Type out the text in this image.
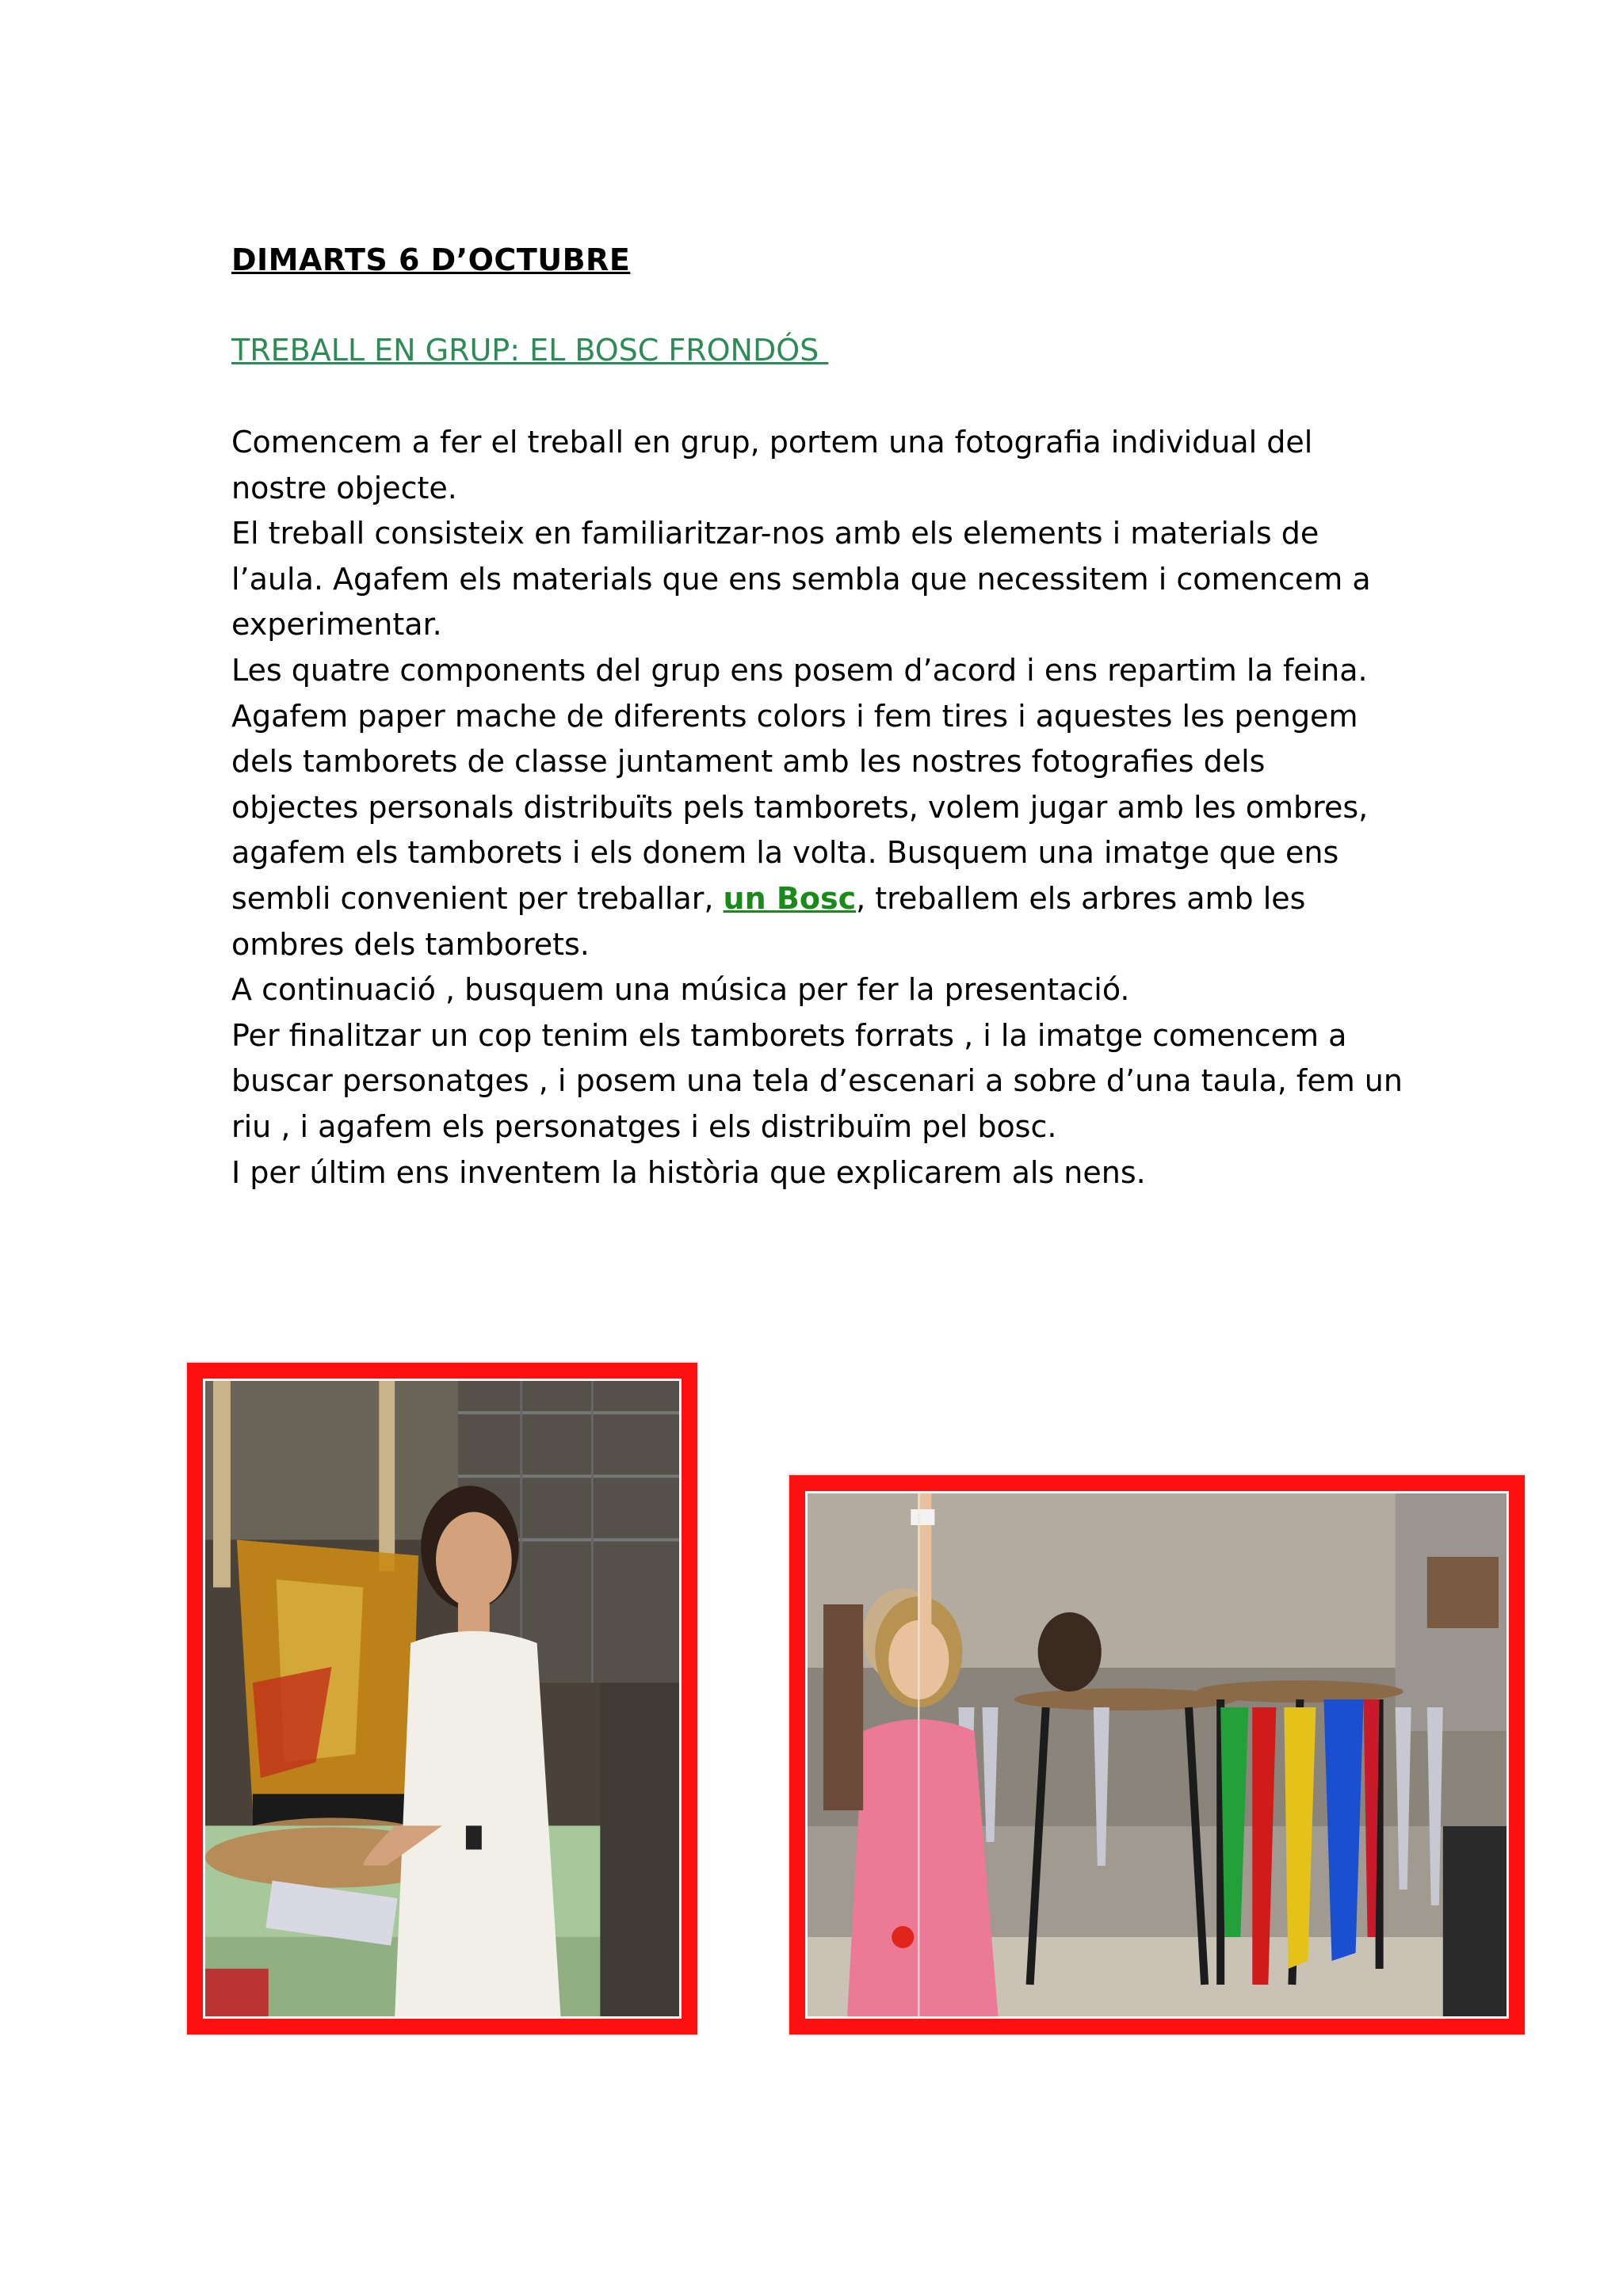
DIMARTS 6 D’OCTUBRE
TREBALL EN GRUP: EL BOSC FRONDÓS

Comencem a fer el treball en grup, portem una fotografia individual del

nostre objecte.

El treball consisteix en familiaritzar-nos amb els elements i materials de

l’aula. Agafem els materials que ens sembla que necessitem i comencem a

experimentar.

Les quatre components del grup ens posem d’acord i ens repartim la feina.

Agafem paper mache de diferents colors i fem tires i aquestes les pengem

dels tamborets de classe juntament amb les nostres fotografies dels

objectes personals distribuïts pels tamborets, volem jugar amb les ombres,

agafem els tamborets i els donem la volta. Busquem una imatge que ens

sembli convenient per treballar, un Bosc, treballem els arbres amb les

ombres dels tamborets.

A continuació , busquem una música per fer la presentació.

Per finalitzar un cop tenim els tamborets forrats , i la imatge comencem a

buscar personatges , i posem una tela d’escenari a sobre d’una taula, fem un

riu , i agafem els personatges i els distribuïm pel bosc.

I per últim ens inventem la història que explicarem als nens.
